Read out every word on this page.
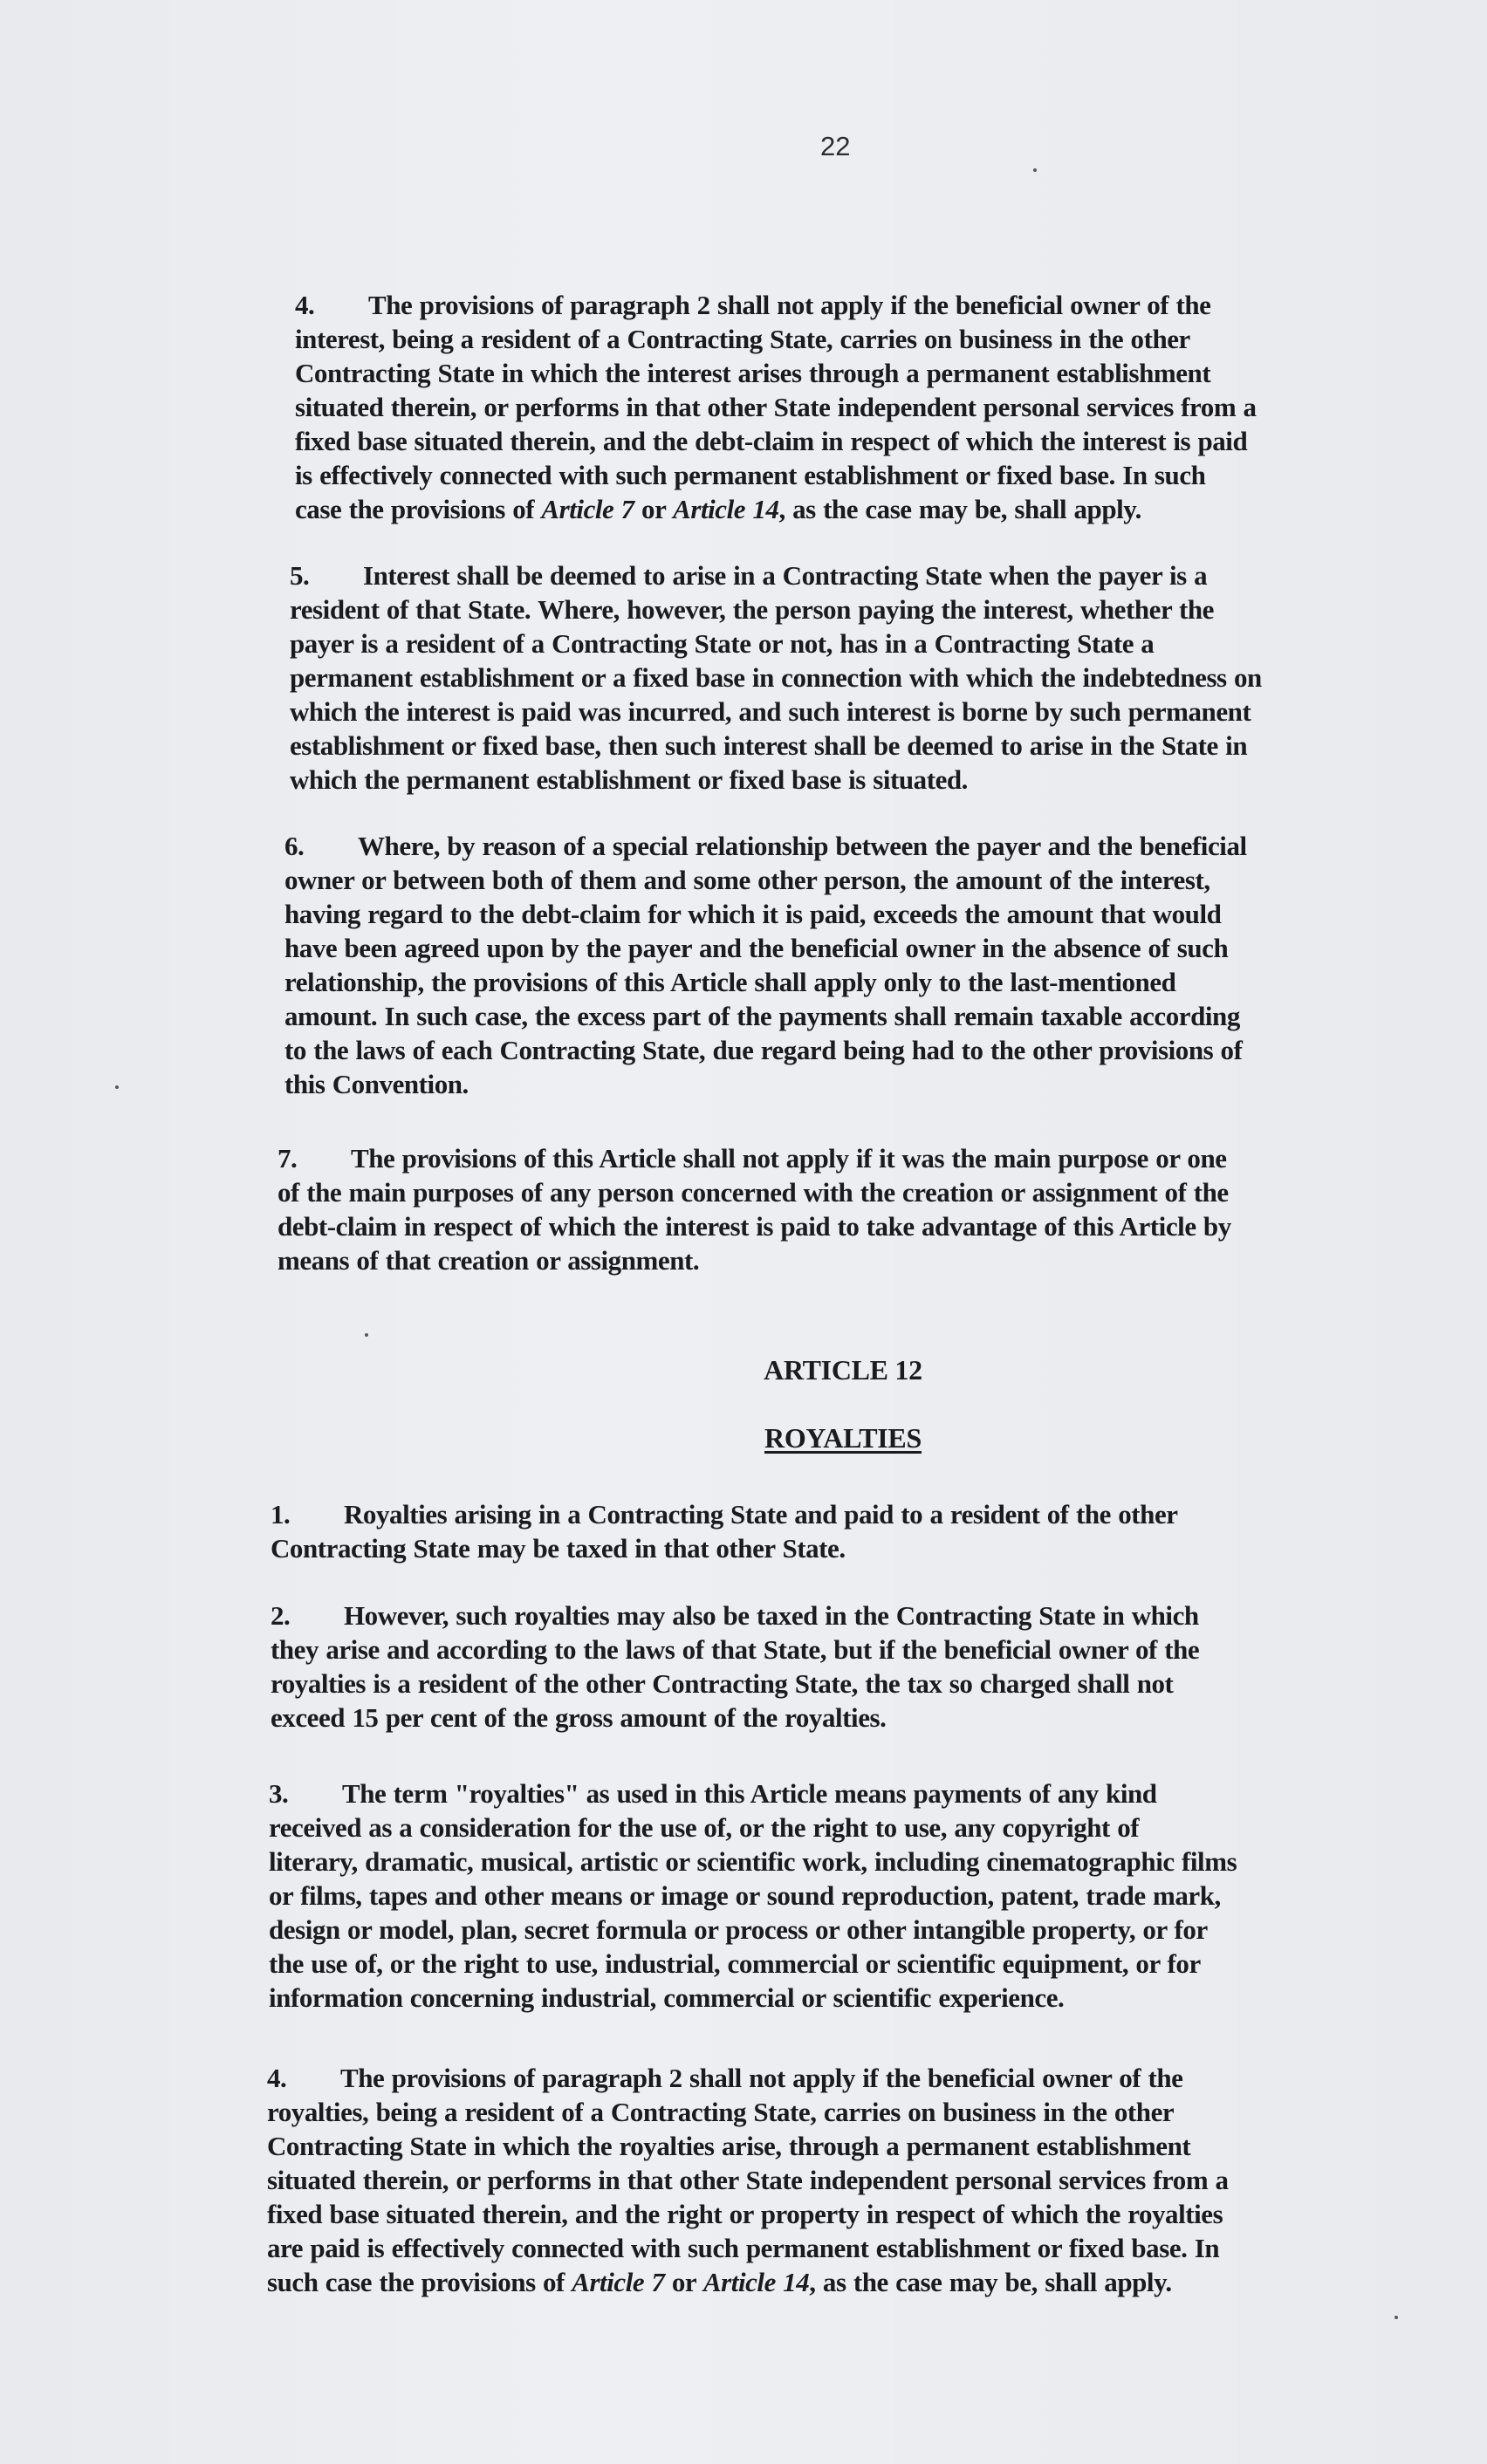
22
4. The provisions of paragraph 2 shall not apply if the beneficial owner of the
interest, being a resident of a Contracting State, carries on business in the other
Contracting State in which the interest arises through a permanent establishment
situated therein, or performs in that other State independent personal services from a
fixed base situated therein, and the debt-claim in respect of which the interest is paid
is effectively connected with such permanent establishment or fixed base. In such
case the provisions of Article 7 or Article 14, as the case may be, shall apply.
5. Interest shall be deemed to arise in a Contracting State when the payer is a
resident of that State. Where, however, the person paying the interest, whether the
payer is a resident of a Contracting State or not, has in a Contracting State a
permanent establishment or a fixed base in connection with which the indebtedness on
which the interest is paid was incurred, and such interest is borne by such permanent
establishment or fixed base, then such interest shall be deemed to arise in the State in
which the permanent establishment or fixed base is situated.
6. Where, by reason of a special relationship between the payer and the beneficial
owner or between both of them and some other person, the amount of the interest,
having regard to the debt-claim for which it is paid, exceeds the amount that would
have been agreed upon by the payer and the beneficial owner in the absence of such
relationship, the provisions of this Article shall apply only to the last-mentioned
amount. In such case, the excess part of the payments shall remain taxable according
to the laws of each Contracting State, due regard being had to the other provisions of
this Convention.
7. The provisions of this Article shall not apply if it was the main purpose or one
of the main purposes of any person concerned with the creation or assignment of the
debt-claim in respect of which the interest is paid to take advantage of this Article by
means of that creation or assignment.
ARTICLE 12
ROYALTIES
1. Royalties arising in a Contracting State and paid to a resident of the other
Contracting State may be taxed in that other State.
2. However, such royalties may also be taxed in the Contracting State in which
they arise and according to the laws of that State, but if the beneficial owner of the
royalties is a resident of the other Contracting State, the tax so charged shall not
exceed 15 per cent of the gross amount of the royalties.
3. The term "royalties" as used in this Article means payments of any kind
received as a consideration for the use of, or the right to use, any copyright of
literary, dramatic, musical, artistic or scientific work, including cinematographic films
or films, tapes and other means or image or sound reproduction, patent, trade mark,
design or model, plan, secret formula or process or other intangible property, or for
the use of, or the right to use, industrial, commercial or scientific equipment, or for
information concerning industrial, commercial or scientific experience.
4. The provisions of paragraph 2 shall not apply if the beneficial owner of the
royalties, being a resident of a Contracting State, carries on business in the other
Contracting State in which the royalties arise, through a permanent establishment
situated therein, or performs in that other State independent personal services from a
fixed base situated therein, and the right or property in respect of which the royalties
are paid is effectively connected with such permanent establishment or fixed base. In
such case the provisions of Article 7 or Article 14, as the case may be, shall apply.
